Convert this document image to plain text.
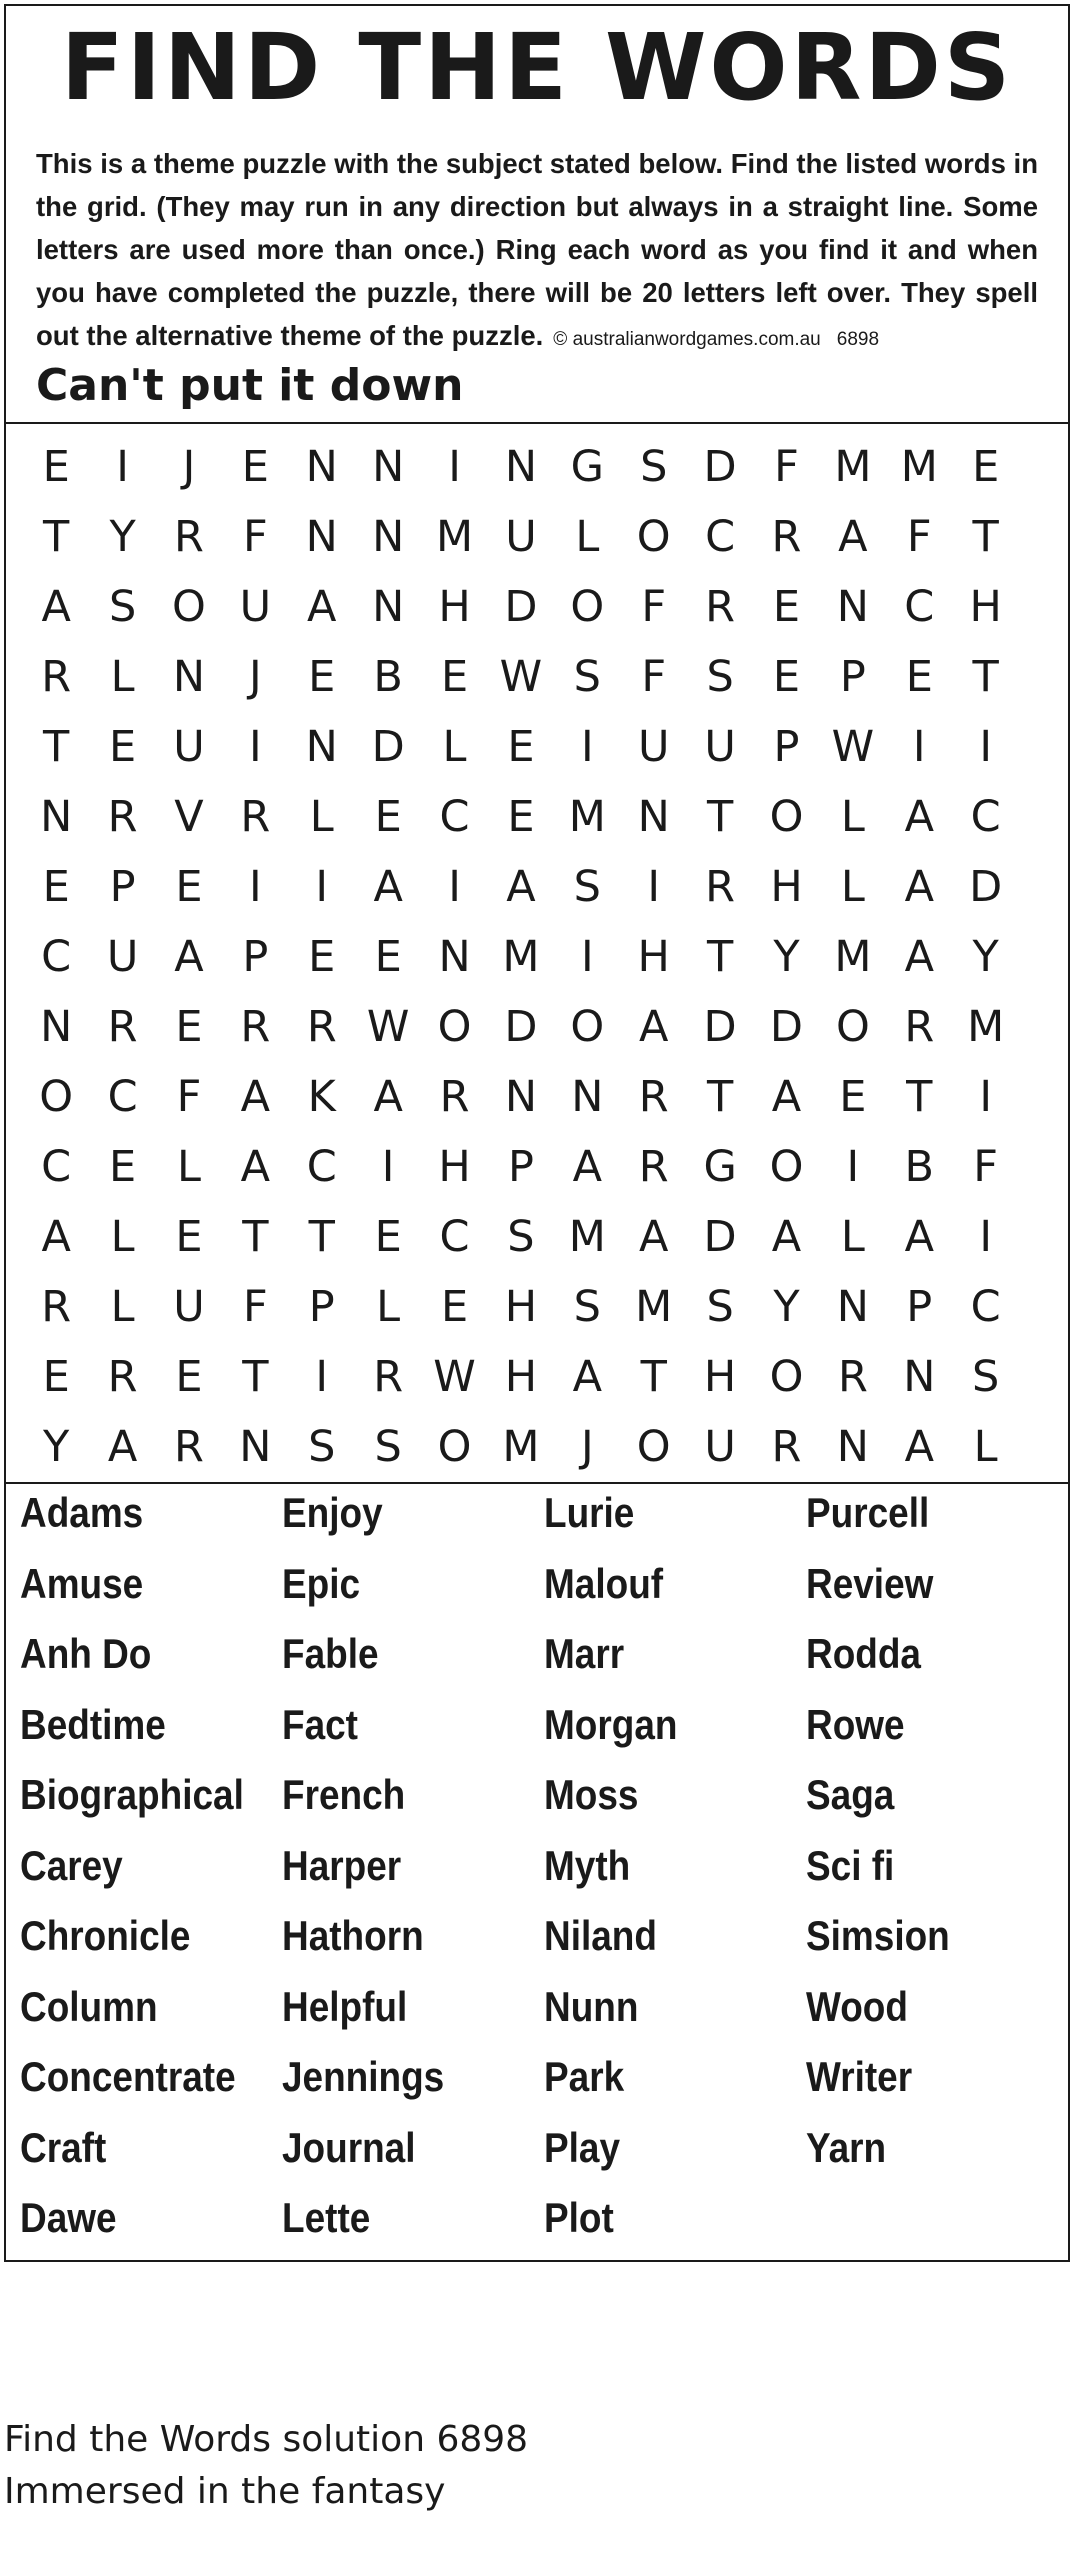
FIND THE WORDS

This is a theme puzzle with the subject stated below. Find the listed words in the grid. (They may run in any direction but always in a straight line. Some letters are used more than once.) Ring each word as you find it and when you have completed the puzzle, there will be 20 letters left over. They spell out the alternative theme of the puzzle. © australianwordgames.com.au 6898

Can't put it down
E	I	J	E N N	I	N G S D F M M E
T Y R F N N M U L O C R A F T
A S O U A N H D O F R E N C H
R L N	J	E B E W S F S E P E T
T E U	I	N D L E	I	U U P W I	I
N R V R L E C E M N T O L A C
E P E	I	I	A	I	A S	I	R H L A D
C U A P E E N M I	H T Y M A Y
N R E R R W O D O A D D O R M
O C F A K A R N N R T A E T	I
C E L A C	I	H P A R G O	I	B F
A L E T T E C S M A D A L A	I
R L U F P L E H S M S Y N P C
E R E T	I	R W H A T H O R N S
Y A R N S S O M J	O U R N A L
Adams
Amuse
Anh Do
Bedtime
Biographical
Carey
Chronicle
Column
Concentrate
Craft
Dawe
Enjoy
Epic
Fable
Fact
French
Harper
Hathorn
Helpful
Jennings
Journal
Lette
Lurie
Malouf
Marr
Morgan
Moss
Myth
Niland
Nunn
Park
Play
Plot
Purcell
Review
Rodda
Rowe
Saga
Sci fi
Simsion
Wood
Writer
Yarn
Find the Words solution 6898
Immersed in the fantasy
